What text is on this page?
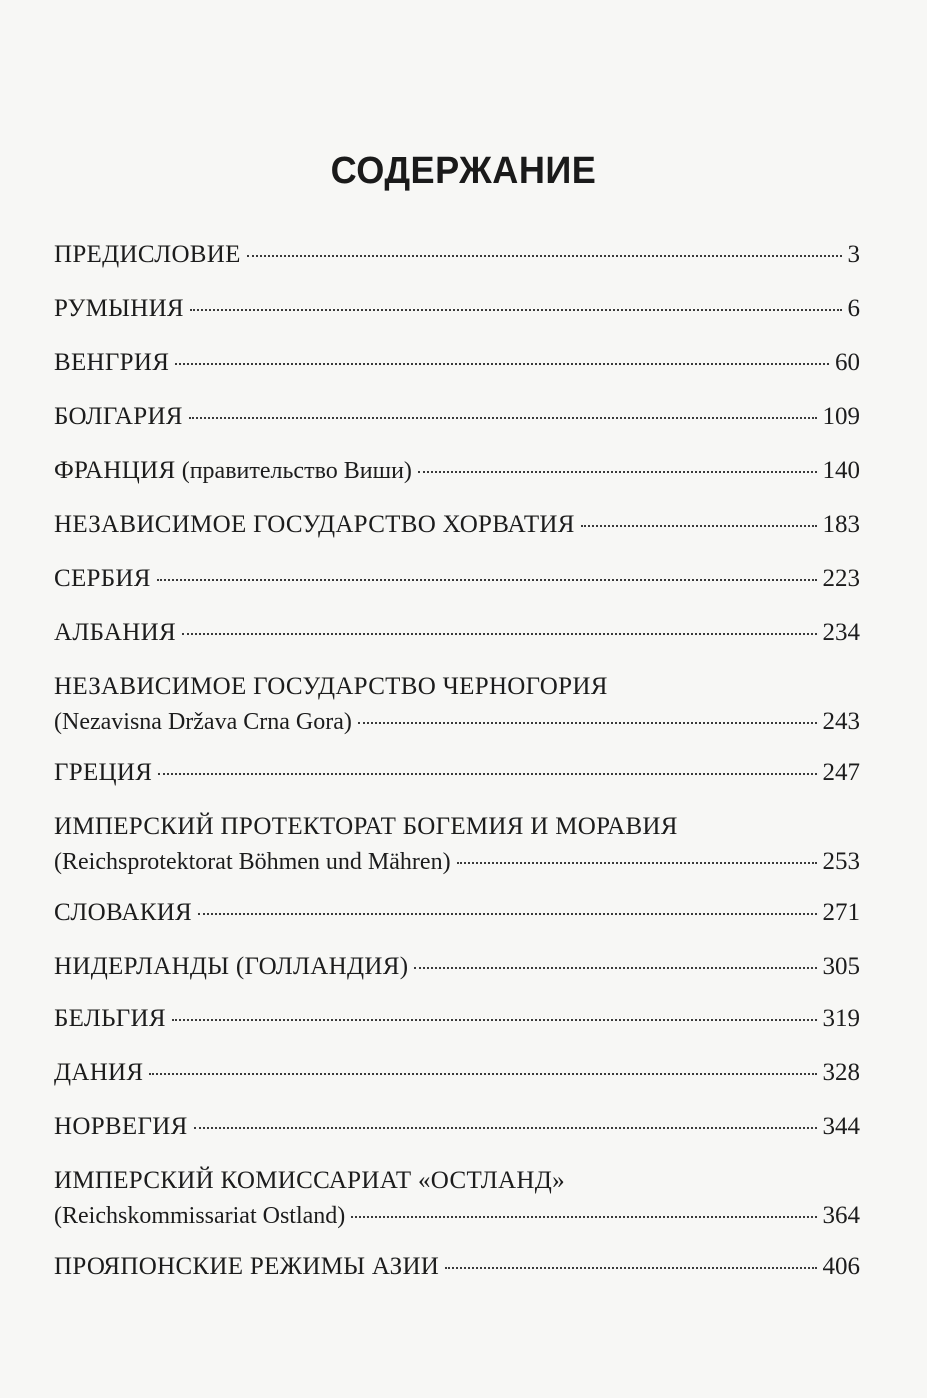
СОДЕРЖАНИЕ
ПРЕДИСЛОВИЕ	3
РУМЫНИЯ	6
ВЕНГРИЯ	60
БОЛГАРИЯ	109
ФРАНЦИЯ (правительство Виши)	140
НЕЗАВИСИМОЕ ГОСУДАРСТВО ХОРВАТИЯ	183
СЕРБИЯ	223
АЛБАНИЯ	234
НЕЗАВИСИМОЕ ГОСУДАРСТВО ЧЕРНОГОРИЯ
(Nezavisna Država Crna Gora)	243
ГРЕЦИЯ	247
ИМПЕРСКИЙ ПРОТЕКТОРАТ БОГЕМИЯ И МОРАВИЯ
(Reichsprotektorat Böhmen und Mähren)	253
СЛОВАКИЯ	271
НИДЕРЛАНДЫ (ГОЛЛАНДИЯ)	305
БЕЛЬГИЯ	319
ДАНИЯ	328
НОРВЕГИЯ	344
ИМПЕРСКИЙ КОМИССАРИАТ «ОСТЛАНД»
(Reichskommissariat Ostland)	364
ПРОЯПОНСКИЕ РЕЖИМЫ АЗИИ	406
